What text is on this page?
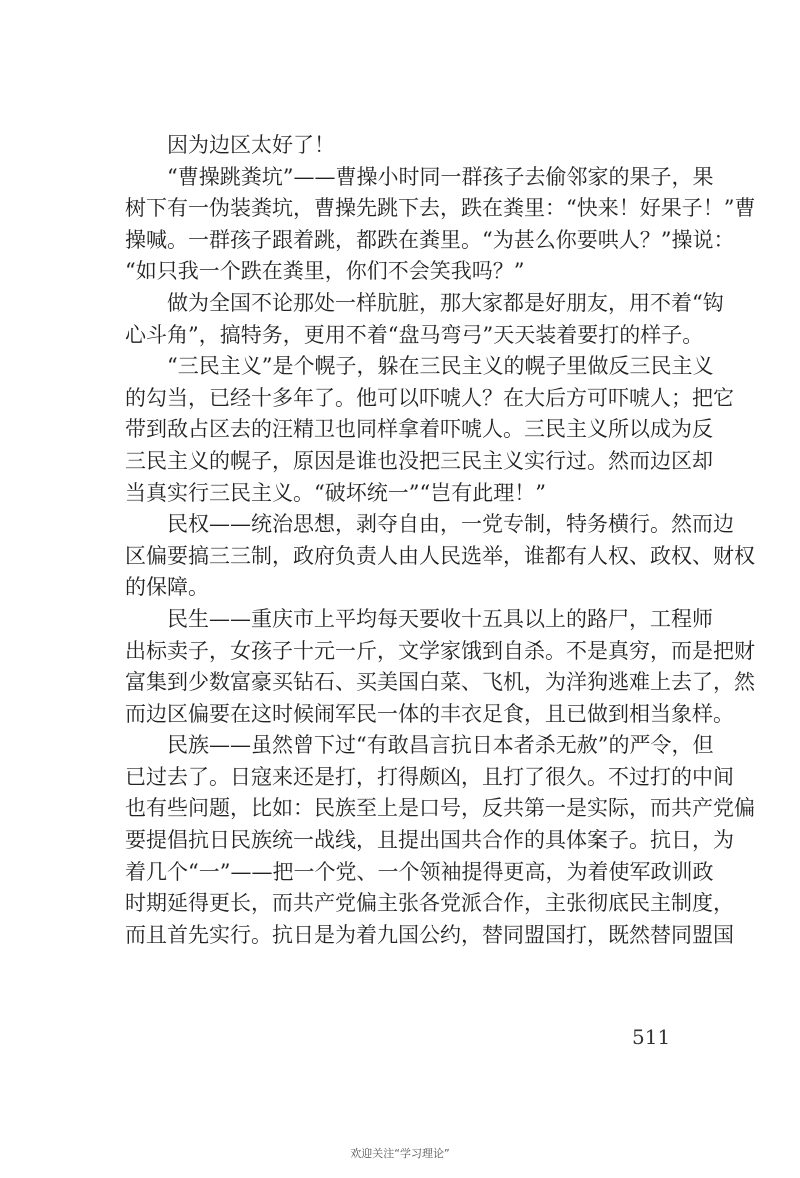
因为边区太好了！
“ 曹 操 跳 粪 坑 ” — — 曹 操 小 时 同 一 群 孩 子 去 偷 邻 家 的 果 子 ， 果
树 下 有 一 伪 装 粪 坑 ， 曹 操 先 跳 下 去 ， 跌 在 粪 里 ： “ 快 来 ！ 好 果 子 ！ ” 曹
操 喊 。 一 群 孩 子 跟 着 跳 ， 都 跌 在 粪 里 。 “ 为 甚 么 你 要 哄 人 ？ ” 操 说 ：
“如只我一个跌在粪里，你们不会笑我吗？”
做 为 全 国 不 论 那 处 一 样 肮 脏 ， 那 大 家 都 是 好 朋 友 ， 用 不 着 “ 钩
心斗角”，搞特务，更用不着“盘马弯弓”天天装着要打的样子。
“ 三 民 主 义 ” 是 个 幌 子 ， 躲 在 三 民 主 义 的 幌 子 里 做 反 三 民 主 义
的 勾 当 ， 已 经 十 多 年 了 。 他 可 以 吓 唬 人 ？ 在 大 后 方 可 吓 唬 人 ； 把 它
带 到 敌 占 区 去 的 汪 精 卫 也 同 样 拿 着 吓 唬 人 。 三 民 主 义 所 以 成 为 反
三 民 主 义 的 幌 子 ， 原 因 是 谁 也 没 把 三 民 主 义 实 行 过 。 然 而 边 区 却
当真实行三民主义。“破坏统一”“岂有此理！”
民 权 — — 统 治 思 想 ， 剥 夺 自 由 ， 一 党 专 制 ， 特 务 横 行 。 然 而 边
区 偏 要 搞 三 三 制 ， 政 府 负 责 人 由 人 民 选 举 ， 谁 都 有 人 权 、 政 权 、 财 权
的保障。
民 生 — — 重 庆 市 上 平 均 每 天 要 收 十 五 具 以 上 的 路 尸 ， 工 程 师
出 标 卖 子 ， 女 孩 子 十 元 一 斤 ， 文 学 家 饿 到 自 杀 。 不 是 真 穷 ， 而 是 把 财
富 集 到 少 数 富 豪 买 钻 石 、 买 美 国 白 菜 、 飞 机 ， 为 洋 狗 逃 难 上 去 了 ， 然
而 边 区 偏 要 在 这 时 候 闹 军 民 一 体 的 丰 衣 足 食 ， 且 已 做 到 相 当 象 样 。
民 族 — — 虽 然 曾 下 过 “ 有 敢 昌 言 抗 日 本 者 杀 无 赦 ” 的 严 令 ， 但
已 过 去 了 。 日 寇 来 还 是 打 ， 打 得 颇 凶 ， 且 打 了 很 久 。 不 过 打 的 中 间
也 有 些 问 题 ， 比 如 ： 民 族 至 上 是 口 号 ， 反 共 第 一 是 实 际 ， 而 共 产 党 偏
要 提 倡 抗 日 民 族 统 一 战 线 ， 且 提 出 国 共 合 作 的 具 体 案 子 。 抗 日 ， 为
着 几 个 “ 一 ” — — 把 一 个 党 、 一 个 领 袖 提 得 更 高 ， 为 着 使 军 政 训 政
时 期 延 得 更 长 ， 而 共 产 党 偏 主 张 各 党 派 合 作 ， 主 张 彻 底 民 主 制 度 ，
而 且 首 先 实 行 。 抗 日 是 为 着 九 国 公 约 ， 替 同 盟 国 打 ， 既 然 替 同 盟 国
511
欢迎关注“学习理论”
